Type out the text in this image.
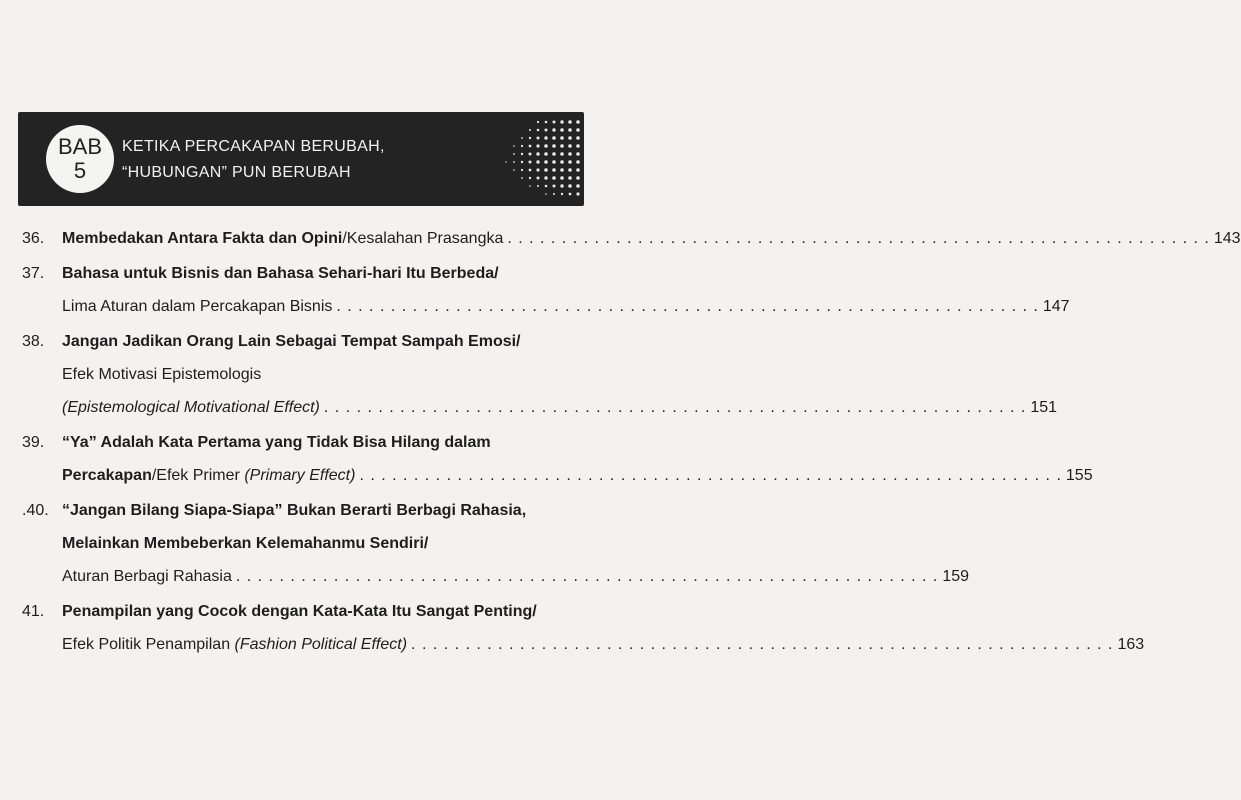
BAB
5
KETIKA PERCAKAPAN BERUBAH,
“HUBUNGAN” PUN BERUBAH
36.	Membedakan Antara Fakta dan Opini/Kesalahan Prasangka . . . . . . . . . . . . . . . . . . . . . . . . . . . . . . . . . . . . . . . . . . . . . . . . . . . . . . . . . . . . . . . . . 143
37.	Bahasa untuk Bisnis dan Bahasa Sehari-hari Itu Berbeda/
Lima Aturan dalam Percakapan Bisnis . . . . . . . . . . . . . . . . . . . . . . . . . . . . . . . . . . . . . . . . . . . . . . . . . . . . . . . . . . . . . . . . . 147
38.	Jangan Jadikan Orang Lain Sebagai Tempat Sampah Emosi/
Efek Motivasi Epistemologis
(Epistemological Motivational Effect) . . . . . . . . . . . . . . . . . . . . . . . . . . . . . . . . . . . . . . . . . . . . . . . . . . . . . . . . . . . . . . . . . 151
39.	“Ya” Adalah Kata Pertama yang Tidak Bisa Hilang dalam
Percakapan/Efek Primer (Primary Effect) . . . . . . . . . . . . . . . . . . . . . . . . . . . . . . . . . . . . . . . . . . . . . . . . . . . . . . . . . . . . . . . . . 155
.40. “Jangan Bilang Siapa-Siapa” Bukan Berarti Berbagi Rahasia,
Melainkan Membeberkan Kelemahanmu Sendiri/
Aturan Berbagi Rahasia . . . . . . . . . . . . . . . . . . . . . . . . . . . . . . . . . . . . . . . . . . . . . . . . . . . . . . . . . . . . . . . . . 159
41.	Penampilan yang Cocok dengan Kata-Kata Itu Sangat Penting/
Efek Politik Penampilan (Fashion Political Effect) . . . . . . . . . . . . . . . . . . . . . . . . . . . . . . . . . . . . . . . . . . . . . . . . . . . . . . . . . . . . . . . . . 163
